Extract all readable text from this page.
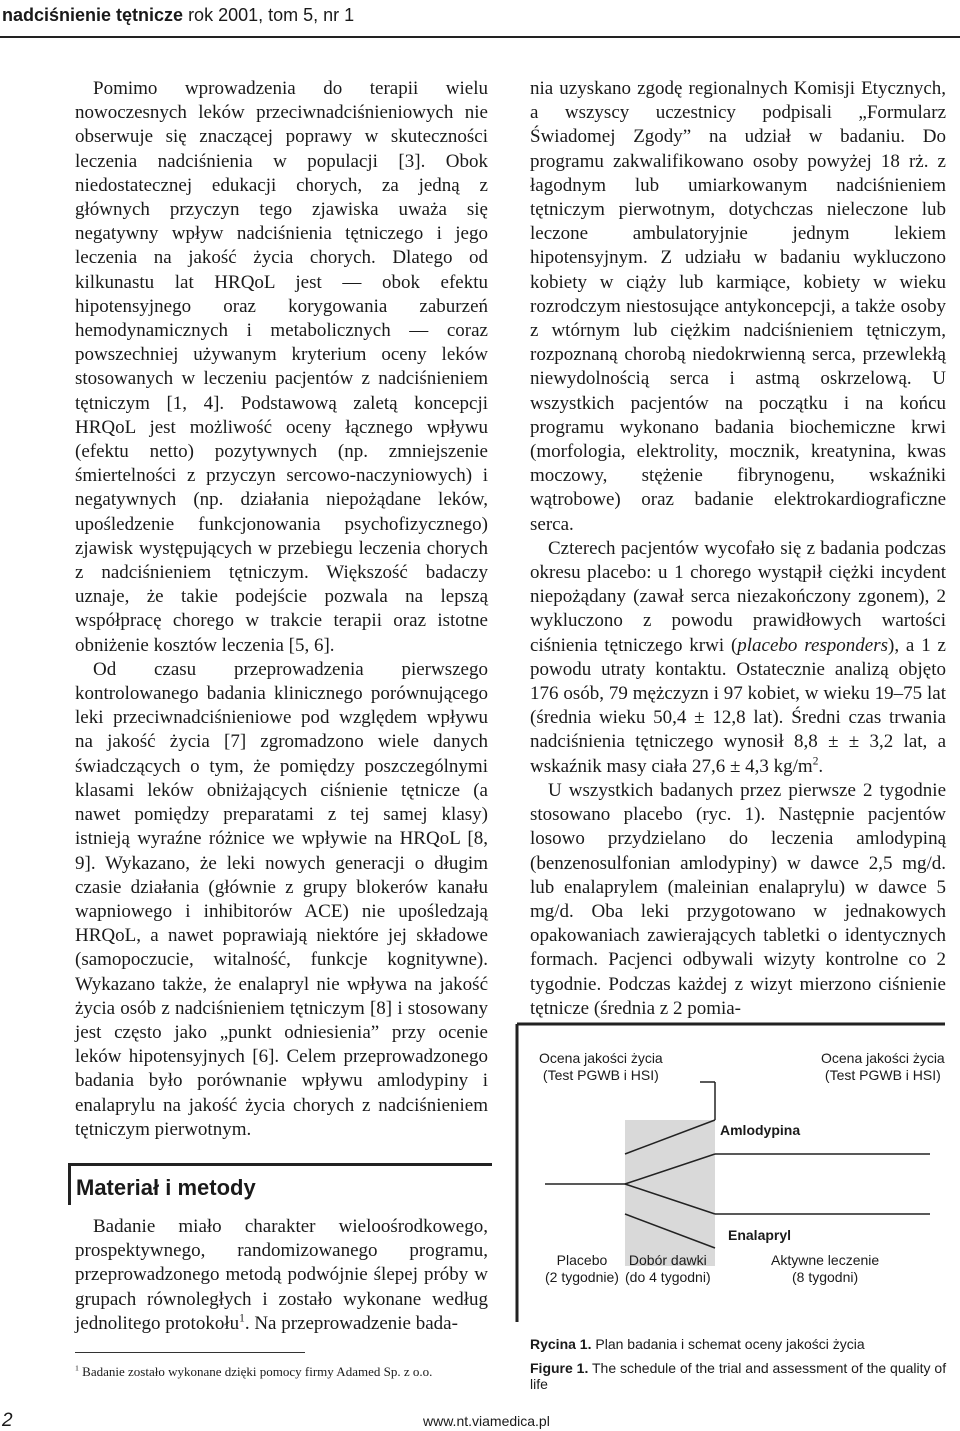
nadciśnienie tętnicze rok 2001, tom 5, nr 1

Pomimo wprowadzenia do terapii wielu nowoczesnych leków przeciwnadciśnieniowych nie obserwuje się znaczącej poprawy w skuteczności leczenia nadciśnienia w populacji [3]. Obok niedostatecznej edukacji chorych, za jedną z głównych przyczyn tego zjawiska uważa się negatywny wpływ nadciśnienia tętniczego i jego leczenia na jakość życia chorych. Dlatego od kilkunastu lat HRQoL jest — obok efektu hipotensyjnego oraz korygowania zaburzeń hemodynamicznych i metabolicznych — coraz powszechniej używanym kryterium oceny leków stosowanych w leczeniu pacjentów z nadciśnieniem tętniczym [1, 4]. Podstawową zaletą koncepcji HRQoL jest możliwość oceny łącznego wpływu (efektu netto) pozytywnych (np. zmniejszenie śmiertelności z przyczyn sercowo-naczyniowych) i negatywnych (np. działania niepożądane leków, upośledzenie funkcjonowania psychofizycznego) zjawisk występujących w przebiegu leczenia chorych z nadciśnieniem tętniczym. Większość badaczy uznaje, że takie podejście pozwala na lepszą współpracę chorego w trakcie terapii oraz istotne obniżenie kosztów leczenia [5, 6].

Od czasu przeprowadzenia pierwszego kontrolowanego badania klinicznego porównującego leki przeciwnadciśnieniowe pod względem wpływu na jakość życia [7] zgromadzono wiele danych świadczących o tym, że pomiędzy poszczególnymi klasami leków obniżających ciśnienie tętnicze (a nawet pomiędzy preparatami z tej samej klasy) istnieją wyraźne różnice we wpływie na HRQoL [8, 9]. Wykazano, że leki nowych generacji o długim czasie działania (głównie z grupy blokerów kanału wapniowego i inhibitorów ACE) nie upośledzają HRQoL, a nawet poprawiają niektóre jej składowe (samopoczucie, witalność, funkcje kognitywne). Wykazano także, że enalapryl nie wpływa na jakość życia osób z nadciśnieniem tętniczym [8] i stosowany jest często jako „punkt odniesienia” przy ocenie leków hipotensyjnych [6]. Celem przeprowadzonego badania było porównanie wpływu amlodypiny i enalaprylu na jakość życia chorych z nadciśnieniem tętniczym pierwotnym.

Materiał i metody

Badanie miało charakter wieloośrodkowego, prospektywnego, randomizowanego programu, przeprowadzonego metodą podwójnie ślepej próby w grupach równoległych i zostało wykonane według jednolitego protokołu$^1$. Na przeprowadzenie bada-

$^1$ Badanie zostało wykonane dzięki pomocy firmy Adamed Sp. z o.o.

nia uzyskano zgodę regionalnych Komisji Etycznych, a wszyscy uczestnicy podpisali „Formularz Świadomej Zgody” na udział w badaniu. Do programu zakwalifikowano osoby powyżej 18 rż. z łagodnym lub umiarkowanym nadciśnieniem tętniczym pierwotnym, dotychczas nieleczone lub leczone ambulatoryjnie jednym lekiem hipotensyjnym. Z udziału w badaniu wykluczono kobiety w ciąży lub karmiące, kobiety w wieku rozrodczym niestosujące antykoncepcji, a także osoby z wtórnym lub ciężkim nadciśnieniem tętniczym, rozpoznaną chorobą niedokrwienną serca, przewlekłą niewydolnością serca i astmą oskrzelową. U wszystkich pacjentów na początku i na końcu programu wykonano badania biochemiczne krwi (morfologia, elektrolity, mocznik, kreatynina, kwas moczowy, stężenie fibrynogenu, wskaźniki wątrobowe) oraz badanie elektrokardiograficzne serca.

Czterech pacjentów wycofało się z badania podczas okresu placebo: u 1 chorego wystąpił ciężki incydent niepożądany (zawał serca niezakończony zgonem), 2 wykluczono z powodu prawidłowych wartości ciśnienia tętniczego krwi (placebo responders), a 1 z powodu utraty kontaktu. Ostatecznie analizą objęto 176 osób, 79 mężczyzn i 97 kobiet, w wieku 19–75 lat (średnia wieku 50,4 ± 12,8 lat). Średni czas trwania nadciśnienia tętniczego wynosił 8,8 ± ± 3,2 lat, a wskaźnik masy ciała 27,6 ± 4,3 $kg/m^2$.

U wszystkich badanych przez pierwsze 2 tygodnie stosowano placebo (ryc. 1). Następnie pacjentów losowo przydzielano do leczenia amlodypiną (benzenosulfonian amlodypiny) w dawce 2,5 mg/d. lub enalaprylem (maleinian enalaprylu) w dawce 5 mg/d. Oba leki przygotowano w jednakowych opakowaniach zawierających tabletki o identycznych formach. Pacjenci odbywali wizyty kontrolne co 2 tygodnie. Podczas każdej z wizyt mierzono ciśnienie tętnicze (średnia z 2 pomia-

Ocena jakości życia
(Test PGWB i HSI)
Ocena jakości życia
(Test PGWB i HSI)
Amlodypina
Enalapryl
Placebo
(2 tygodnie)
Dobór dawki
(do 4 tygodni)
Aktywne leczenie
(8 tygodni)
Rycina 1. Plan badania i schemat oceny jakości życia
Figure 1. The schedule of the trial and assessment of the quality of life
2	www.nt.viamedica.pl
